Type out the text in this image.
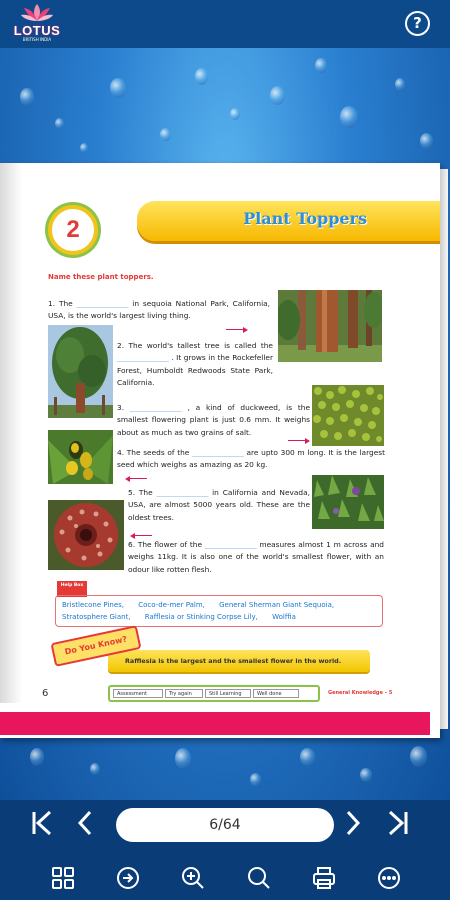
LOTUS
BRITISH INDIA
?
2	Plant Toppers
Name these plant toppers.
1. The ______________ in sequoia National Park, California, USA, is the world's largest living thing.
2. The world's tallest tree is called the ______________ . It grows in the Rockefeller Forest, Humboldt Redwoods State Park, California.
3. ______________ , a kind of duckweed, is the smallest flowering plant is just 0.6 mm. It weighs about as much as two grains of salt.
4. The seeds of the ______________ are upto 300 m long. It is the largest seed which weighs as amazing as 20 kg.
5. The ______________ in California and Nevada, USA, are almost 5000 years old. These are the oldest trees.
6. The flower of the ______________ measures almost 1 m across and weighs 11kg. It is also one of the world's smallest flower, with an odour like rotten flesh.
Help Box
Bristlecone Pines, Coco-de-mer Palm, General Sherman Giant Sequoia, Stratosphere Giant, Rafflesia or Stinking Corpse Lily, Wolffia
Do You Know?
Rafflesia is the largest and the smallest flower in the world.
6	Assessment	Try again	Still Learning	Well done	General Knowledge – 5
6/64
